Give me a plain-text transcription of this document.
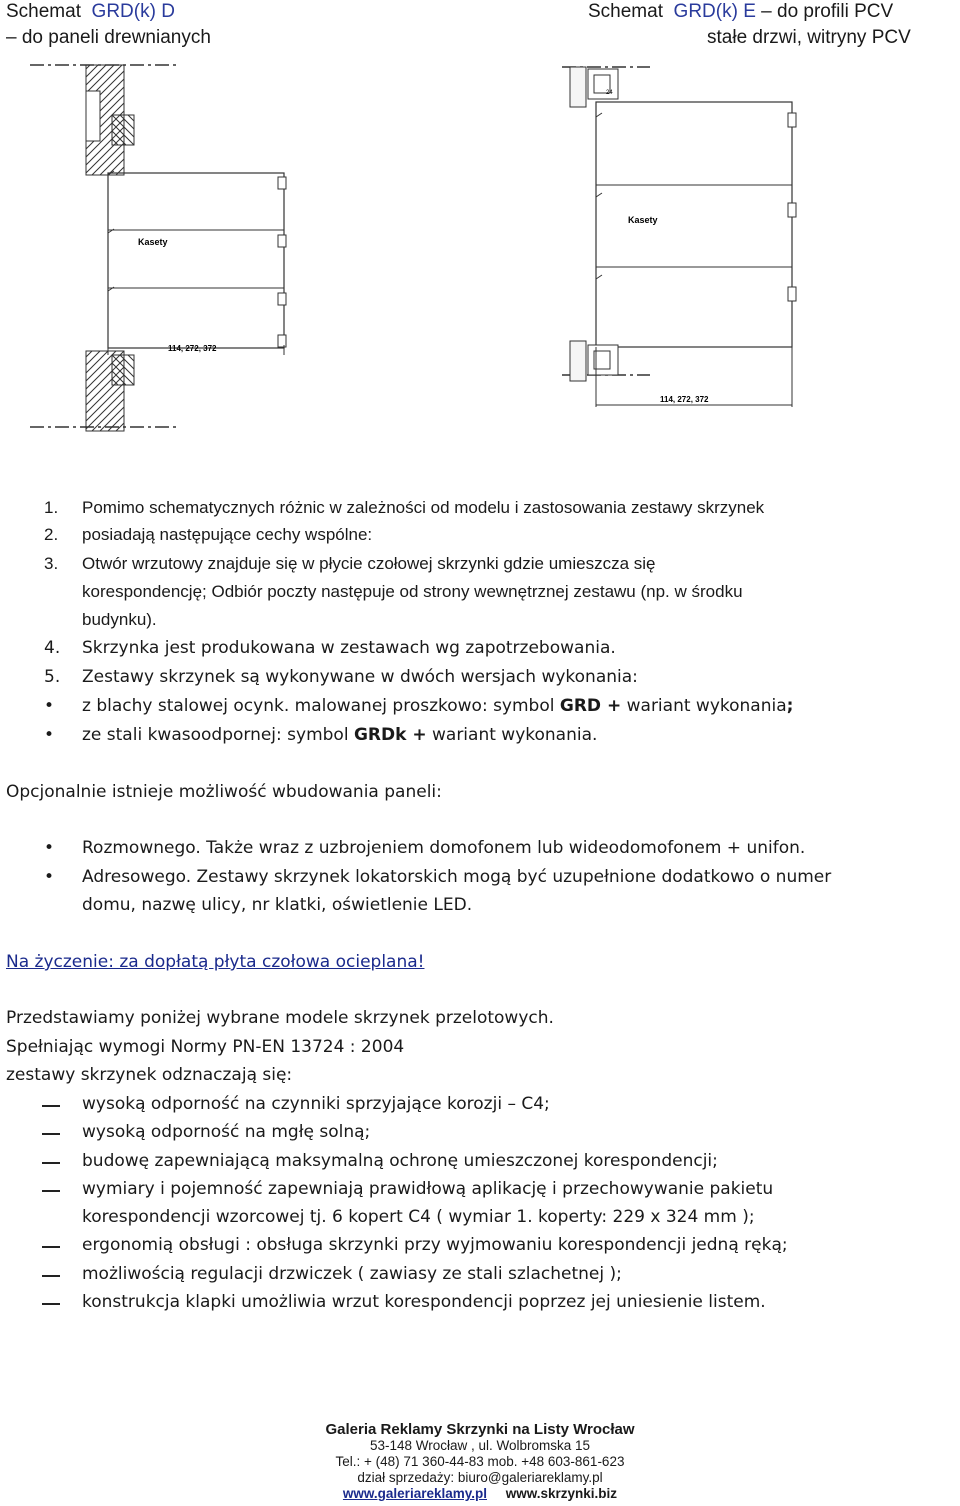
Schemat GRD(k) D
– do paneli drewnianych
Schemat GRD(k) E – do profili PCV
stałe drzwi, witryny PCV
Kasety
114, 272, 372
24
Kasety
114, 272, 372
1. Pomimo schematycznych różnic w zależności od modelu i zastosowania zestawy skrzynek
2. posiadają następujące cechy wspólne:
3. Otwór wrzutowy znajduje się w płycie czołowej skrzynki gdzie umieszcza się
korespondencję; Odbiór poczty następuje od strony wewnętrznej zestawu (np. w środku
budynku).
4. Skrzynka jest produkowana w zestawach wg zapotrzebowania.
5. Zestawy skrzynek są wykonywane w dwóch wersjach wykonania:
• z blachy stalowej ocynk. malowanej proszkowo: symbol GRD + wariant wykonania;
• ze stali kwasoodpornej: symbol GRDk + wariant wykonania.
Opcjonalnie istnieje możliwość wbudowania paneli:
• Rozmownego. Także wraz z uzbrojeniem domofonem lub wideodomofonem + unifon.
• Adresowego. Zestawy skrzynek lokatorskich mogą być uzupełnione dodatkowo o numer
domu, nazwę ulicy, nr klatki, oświetlenie LED.
Na życzenie: za dopłatą płyta czołowa ocieplana!
Przedstawiamy poniżej wybrane modele skrzynek przelotowych.
Spełniając wymogi Normy PN-EN 13724 : 2004
zestawy skrzynek odznaczają się:
wysoką odporność na czynniki sprzyjające korozji – C4;
wysoką odporność na mgłę solną;
budowę zapewniającą maksymalną ochronę umieszczonej korespondencji;
wymiary i pojemność zapewniają prawidłową aplikację i przechowywanie pakietu
korespondencji wzorcowej tj. 6 kopert C4 ( wymiar 1. koperty: 229 x 324 mm );
ergonomią obsługi : obsługa skrzynki przy wyjmowaniu korespondencji jedną ręką;
możliwością regulacji drzwiczek ( zawiasy ze stali szlachetnej );
konstrukcja klapki umożliwia wrzut korespondencji poprzez jej uniesienie listem.
Galeria Reklamy Skrzynki na Listy Wrocław
53-148 Wrocław , ul. Wolbromska 15
Tel.: + (48) 71 360-44-83 mob. +48 603-861-623
dział sprzedaży: biuro@galeriareklamy.pl
www.galeriareklamy.pl www.skrzynki.biz
